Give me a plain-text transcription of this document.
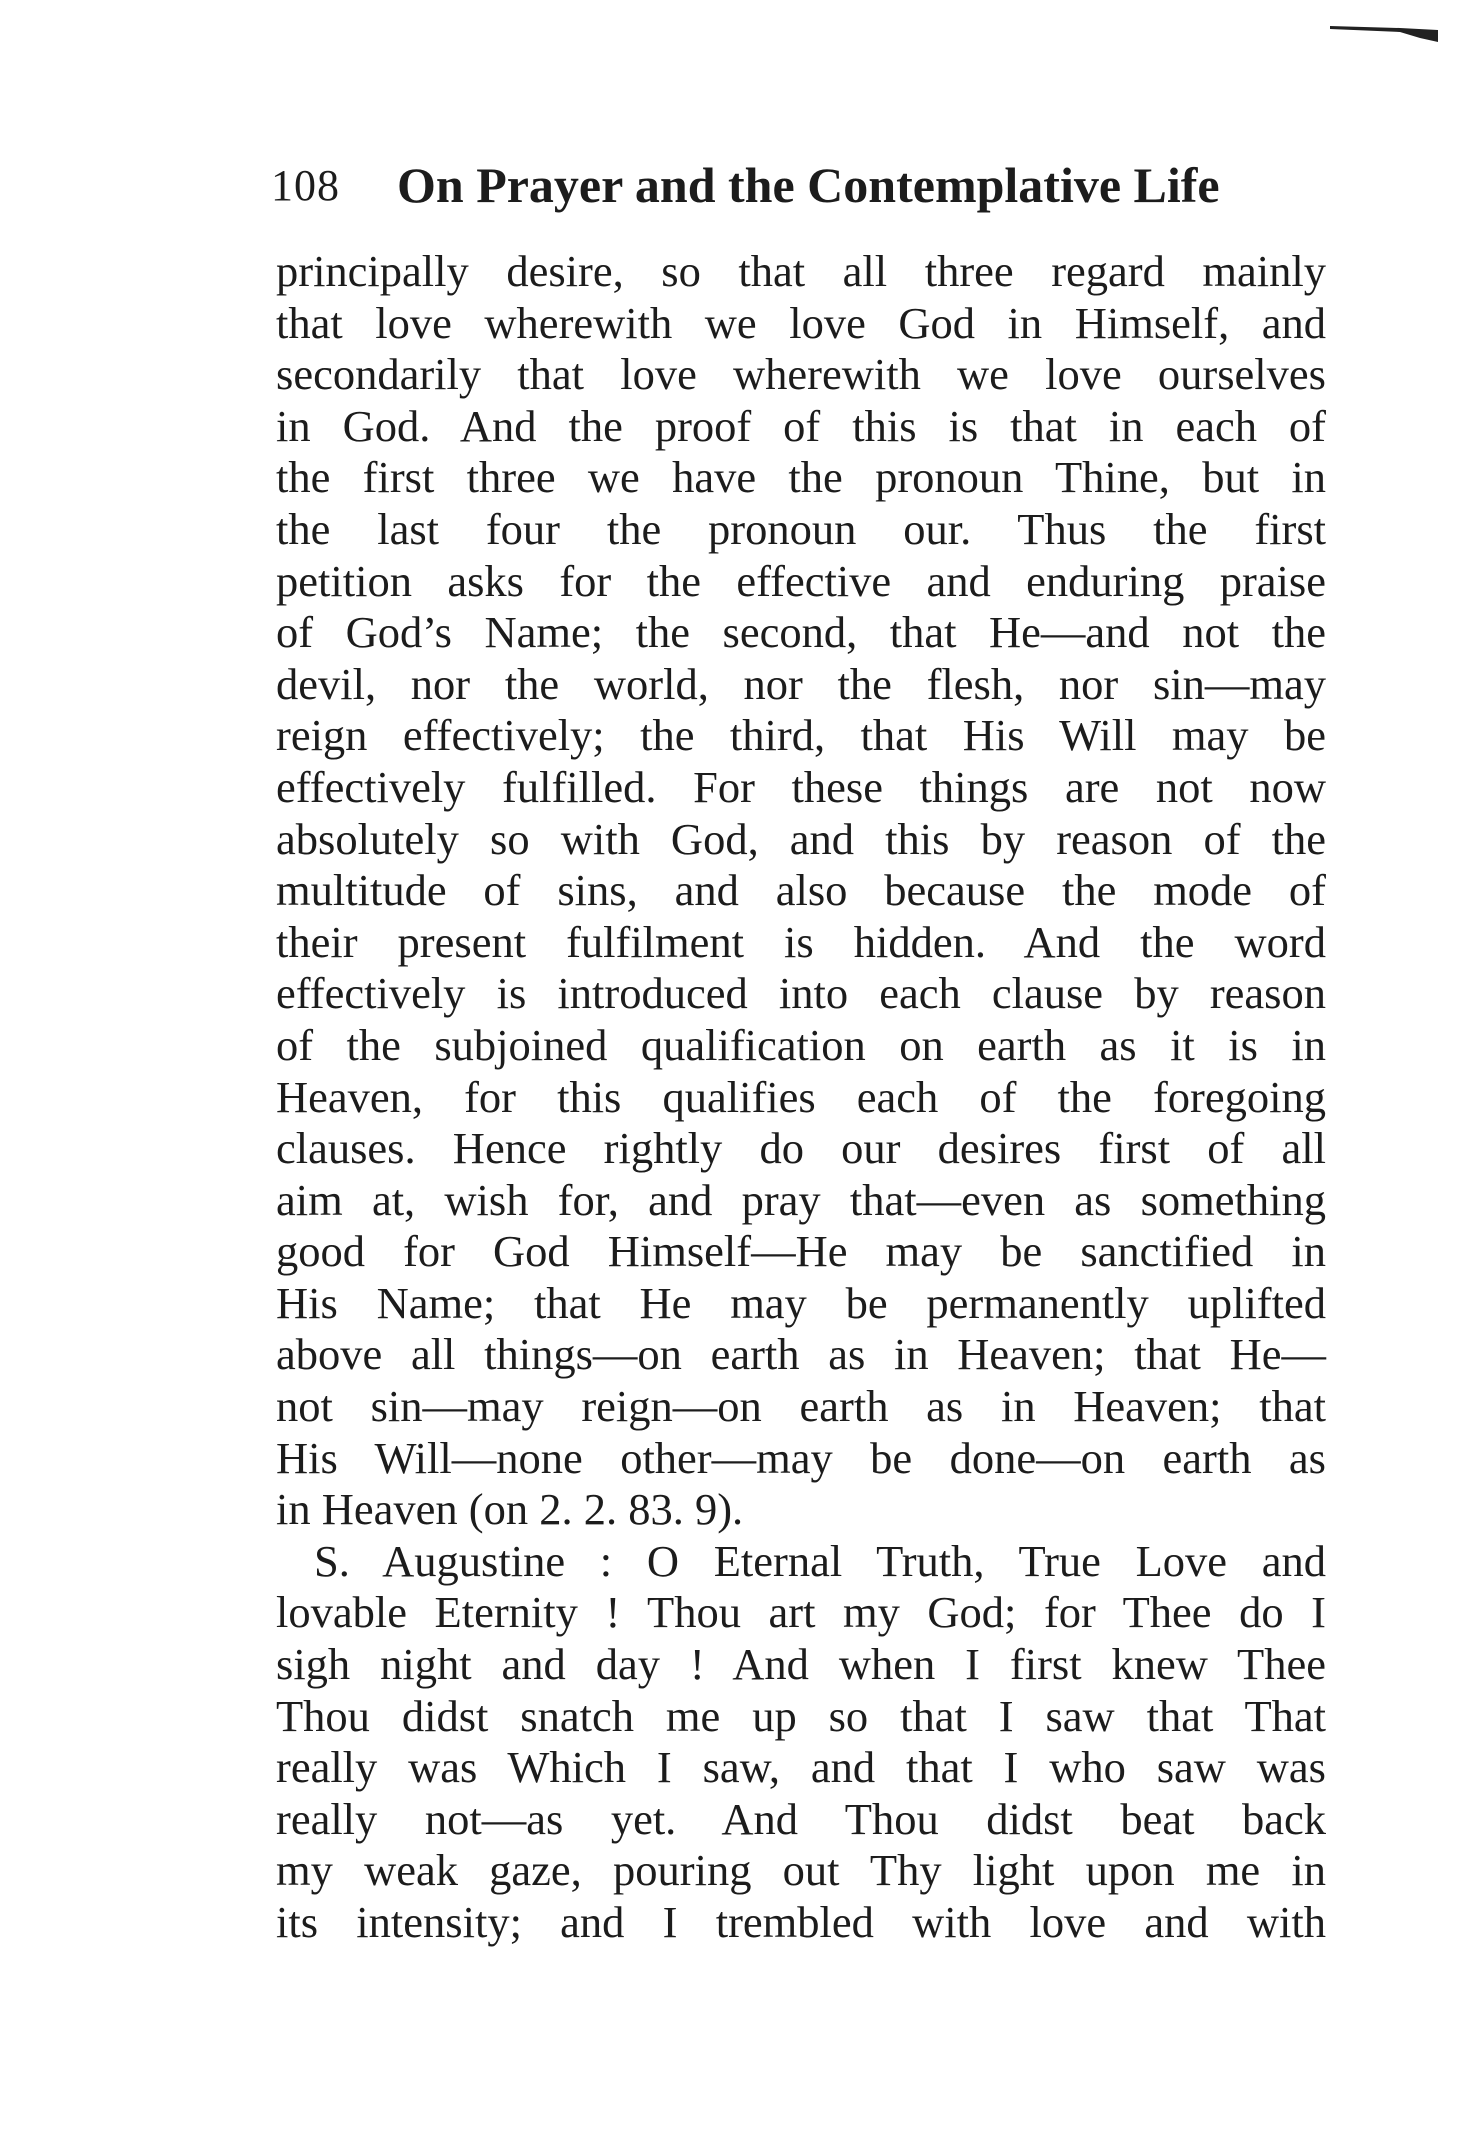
108 On Prayer and the Contemplative Life
principally desire, so that all three regard mainly
that love wherewith we love God in Himself, and
secondarily that love wherewith we love ourselves
in God. And the proof of this is that in each of
the first three we have the pronoun Thine, but in
the last four the pronoun our. Thus the first
petition asks for the effective and enduring praise
of God’s Name; the second, that He—and not the
devil, nor the world, nor the flesh, nor sin—may
reign effectively; the third, that His Will may be
effectively fulfilled. For these things are not now
absolutely so with God, and this by reason of the
multitude of sins, and also because the mode of
their present fulfilment is hidden. And the word
effectively is introduced into each clause by reason
of the subjoined qualification on earth as it is in
Heaven, for this qualifies each of the foregoing
clauses. Hence rightly do our desires first of all
aim at, wish for, and pray that—even as something
good for God Himself—He may be sanctified in
His Name; that He may be permanently uplifted
above all things—on earth as in Heaven; that He—
not sin—may reign—on earth as in Heaven; that
His Will—none other—may be done—on earth as
in Heaven (on 2. 2. 83. 9).
S. Augustine : O Eternal Truth, True Love and
lovable Eternity ! Thou art my God; for Thee do I
sigh night and day ! And when I first knew Thee
Thou didst snatch me up so that I saw that That
really was Which I saw, and that I who saw was
really not—as yet. And Thou didst beat back
my weak gaze, pouring out Thy light upon me in
its intensity; and I trembled with love and with
